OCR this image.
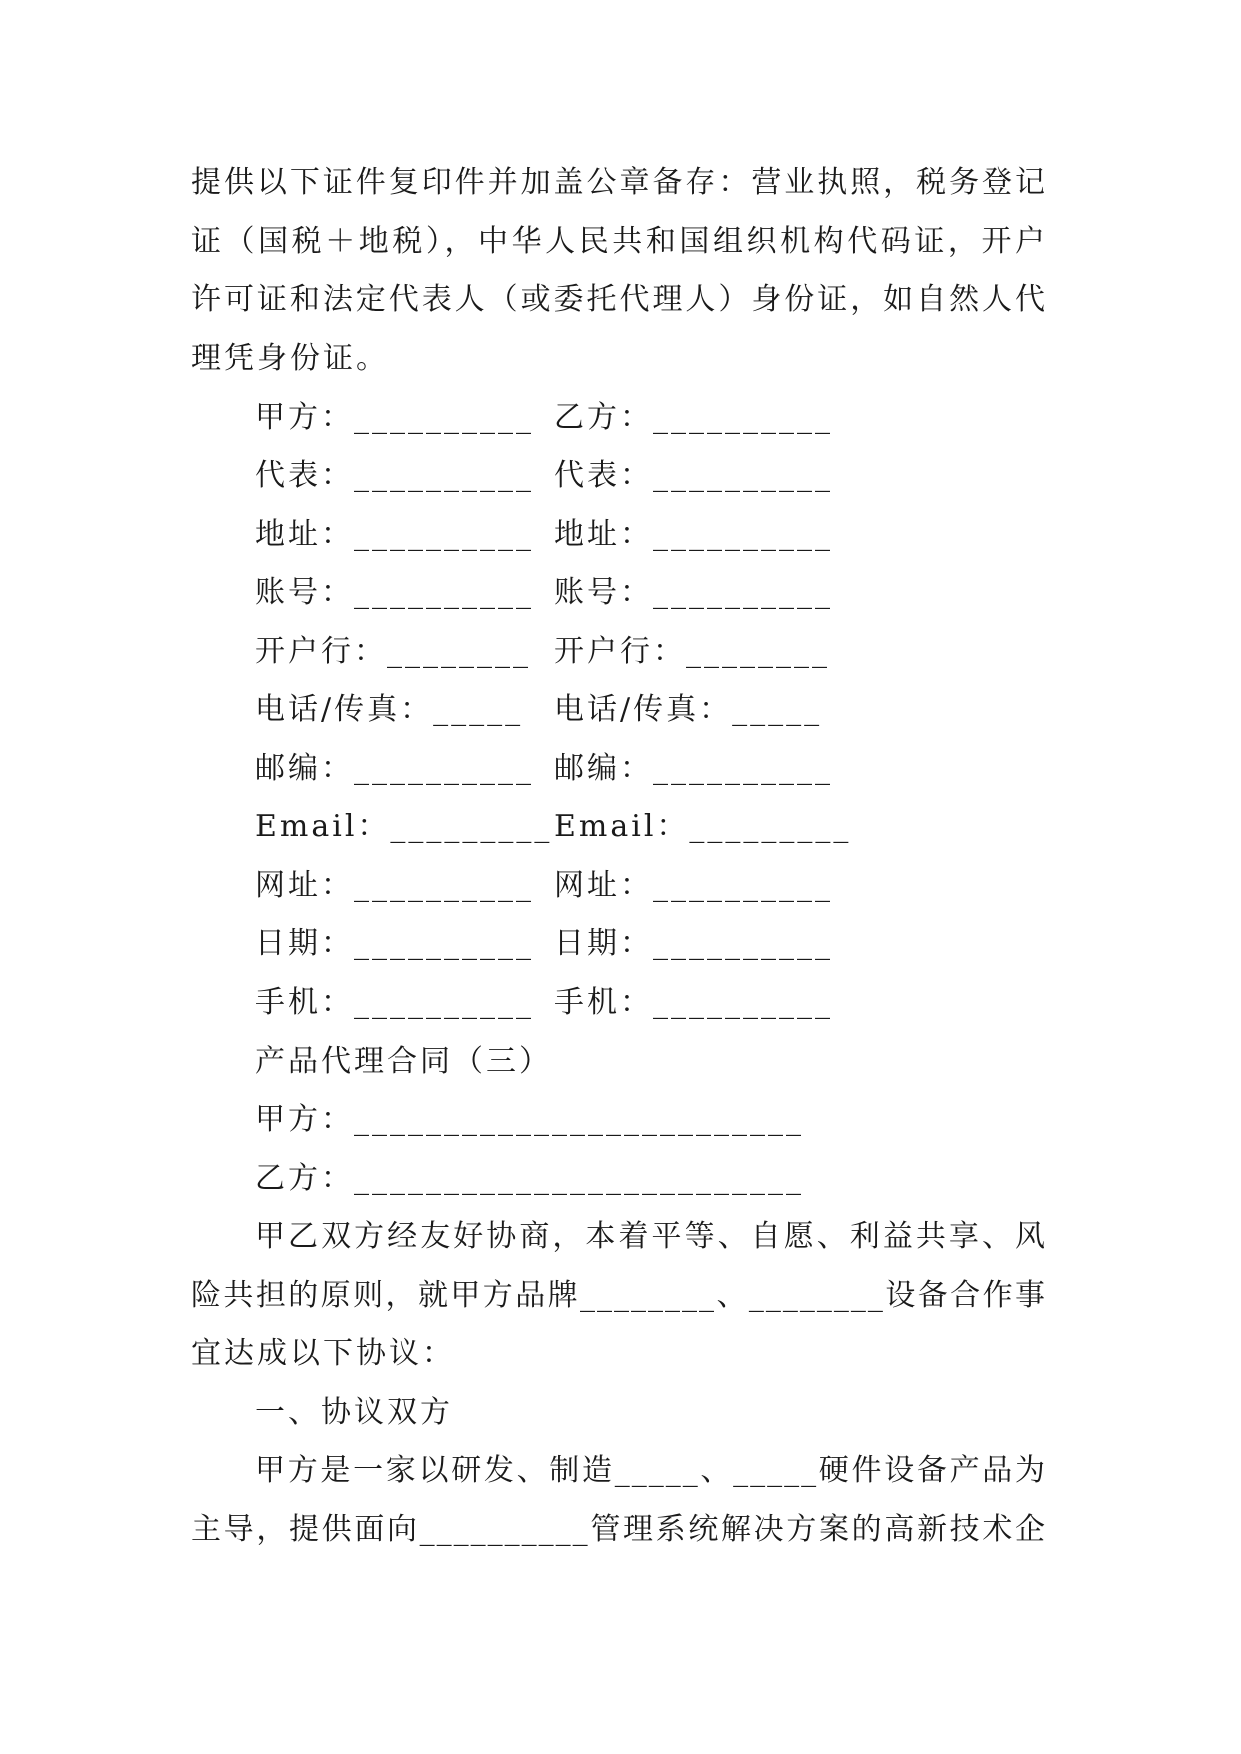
提供以下证件复印件并加盖公章备存：营业执照，税务登记
证（国税＋地税），中华人民共和国组织机构代码证，开户
许可证和法定代表人（或委托代理人）身份证，如自然人代
理凭身份证。
甲方：__________
代表：__________
地址：__________
账号：__________
开户行：________
电话/传真：_____
邮编：__________
Email：_________
网址：__________
日期：__________
手机：__________
乙方：__________
代表：__________
地址：__________
账号：__________
开户行：________
电话/传真：_____
邮编：__________
Email：_________
网址：__________
日期：__________
手机：__________
产品代理合同（三）
甲方：_________________________
乙方：_________________________
甲乙双方经友好协商，本着平等、自愿、利益共享、风
险共担的原则，就甲方品牌________、________设备合作事
宜达成以下协议：
一、协议双方
甲方是一家以研发、制造_____、_____硬件设备产品为
主导，提供面向__________管理系统解决方案的高新技术企
